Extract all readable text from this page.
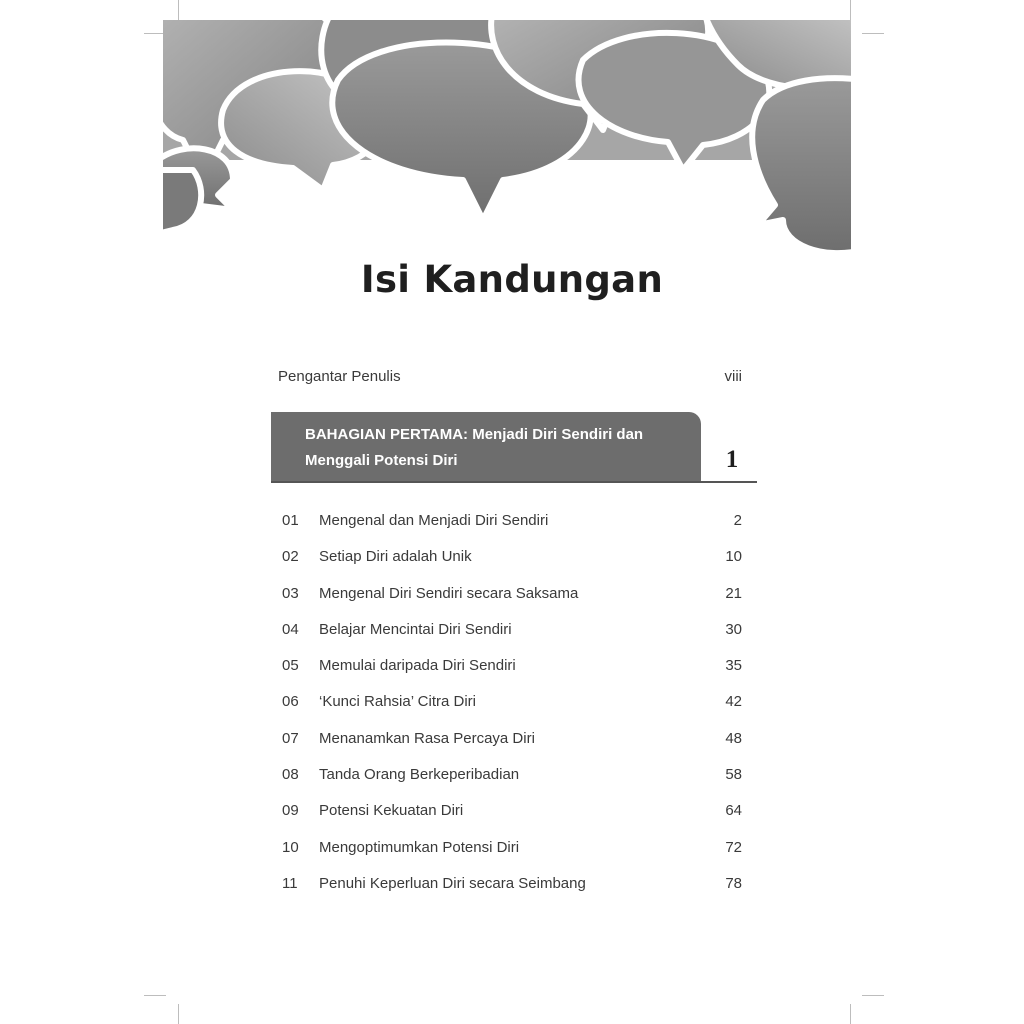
Isi Kandungan
Pengantar Penulis	viii
BAHAGIAN PERTAMA: Menjadi Diri Sendiri dan Menggali Potensi Diri	1
01 Mengenal dan Menjadi Diri Sendiri	2
02 Setiap Diri adalah Unik	10
03 Mengenal Diri Sendiri secara Saksama	21
04 Belajar Mencintai Diri Sendiri	30
05 Memulai daripada Diri Sendiri	35
06 ‘Kunci Rahsia’ Citra Diri	42
07 Menanamkan Rasa Percaya Diri	48
08 Tanda Orang Berkeperibadian	58
09 Potensi Kekuatan Diri	64
10 Mengoptimumkan Potensi Diri	72
11 Penuhi Keperluan Diri secara Seimbang	78
